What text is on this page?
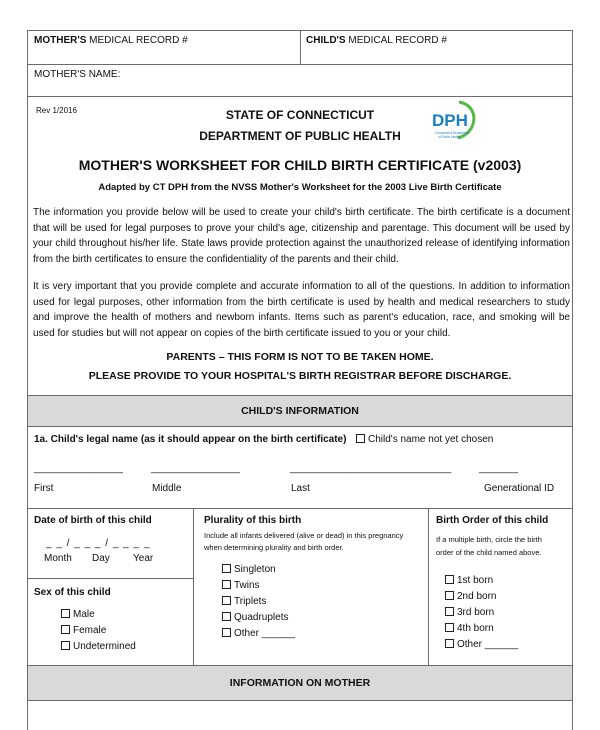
MOTHER'S MEDICAL RECORD #	CHILD'S MEDICAL RECORD #
MOTHER'S NAME:
Rev 1/2016	STATE OF CONNECTICUT
DEPARTMENT OF PUBLIC HEALTH
DPH
Connecticut Department
of Public Health
MOTHER'S WORKSHEET FOR CHILD BIRTH CERTIFICATE (v2003)
Adapted by CT DPH from the NVSS Mother's Worksheet for the 2003 Live Birth Certificate
The information you provide below will be used to create your child's birth certificate. The birth certificate is a document that will be used for legal purposes to prove your child's age, citizenship and parentage. This document will be used by your child throughout his/her life. State laws provide protection against the unauthorized release of identifying information from the birth certificates to ensure the confidentiality of the parents and their child.
It is very important that you provide complete and accurate information to all of the questions. In addition to information used for legal purposes, other information from the birth certificate is used by health and medical researchers to study and improve the health of mothers and newborn infants. Items such as parent's education, race, and smoking will be used for studies but will not appear on copies of the birth certificate issued to you or your child.
PARENTS – THIS FORM IS NOT TO BE TAKEN HOME.
PLEASE PROVIDE TO YOUR HOSPITAL'S BIRTH REGISTRAR BEFORE DISCHARGE.
CHILD'S INFORMATION
1a. Child's legal name (as it should appear on the birth certificate)	Child's name not yet chosen
________________	________________	_____________________________	_______
First	Middle	Last	Generational ID
Date of birth of this child
_ _ / _ _ _ / _ _ _ _
Month Day Year
Sex of this child
Male
Female
Undetermined
Plurality of this birth
Include all infants delivered (alive or dead) in this pregnancy
when determining plurality and birth order.
Singleton
Twins
Triplets
Quadruplets
Other ______
Birth Order of this child
If a multiple birth, circle the birth
order of the child named above.
1st born
2nd born
3rd born
4th born
Other ______
INFORMATION ON MOTHER
